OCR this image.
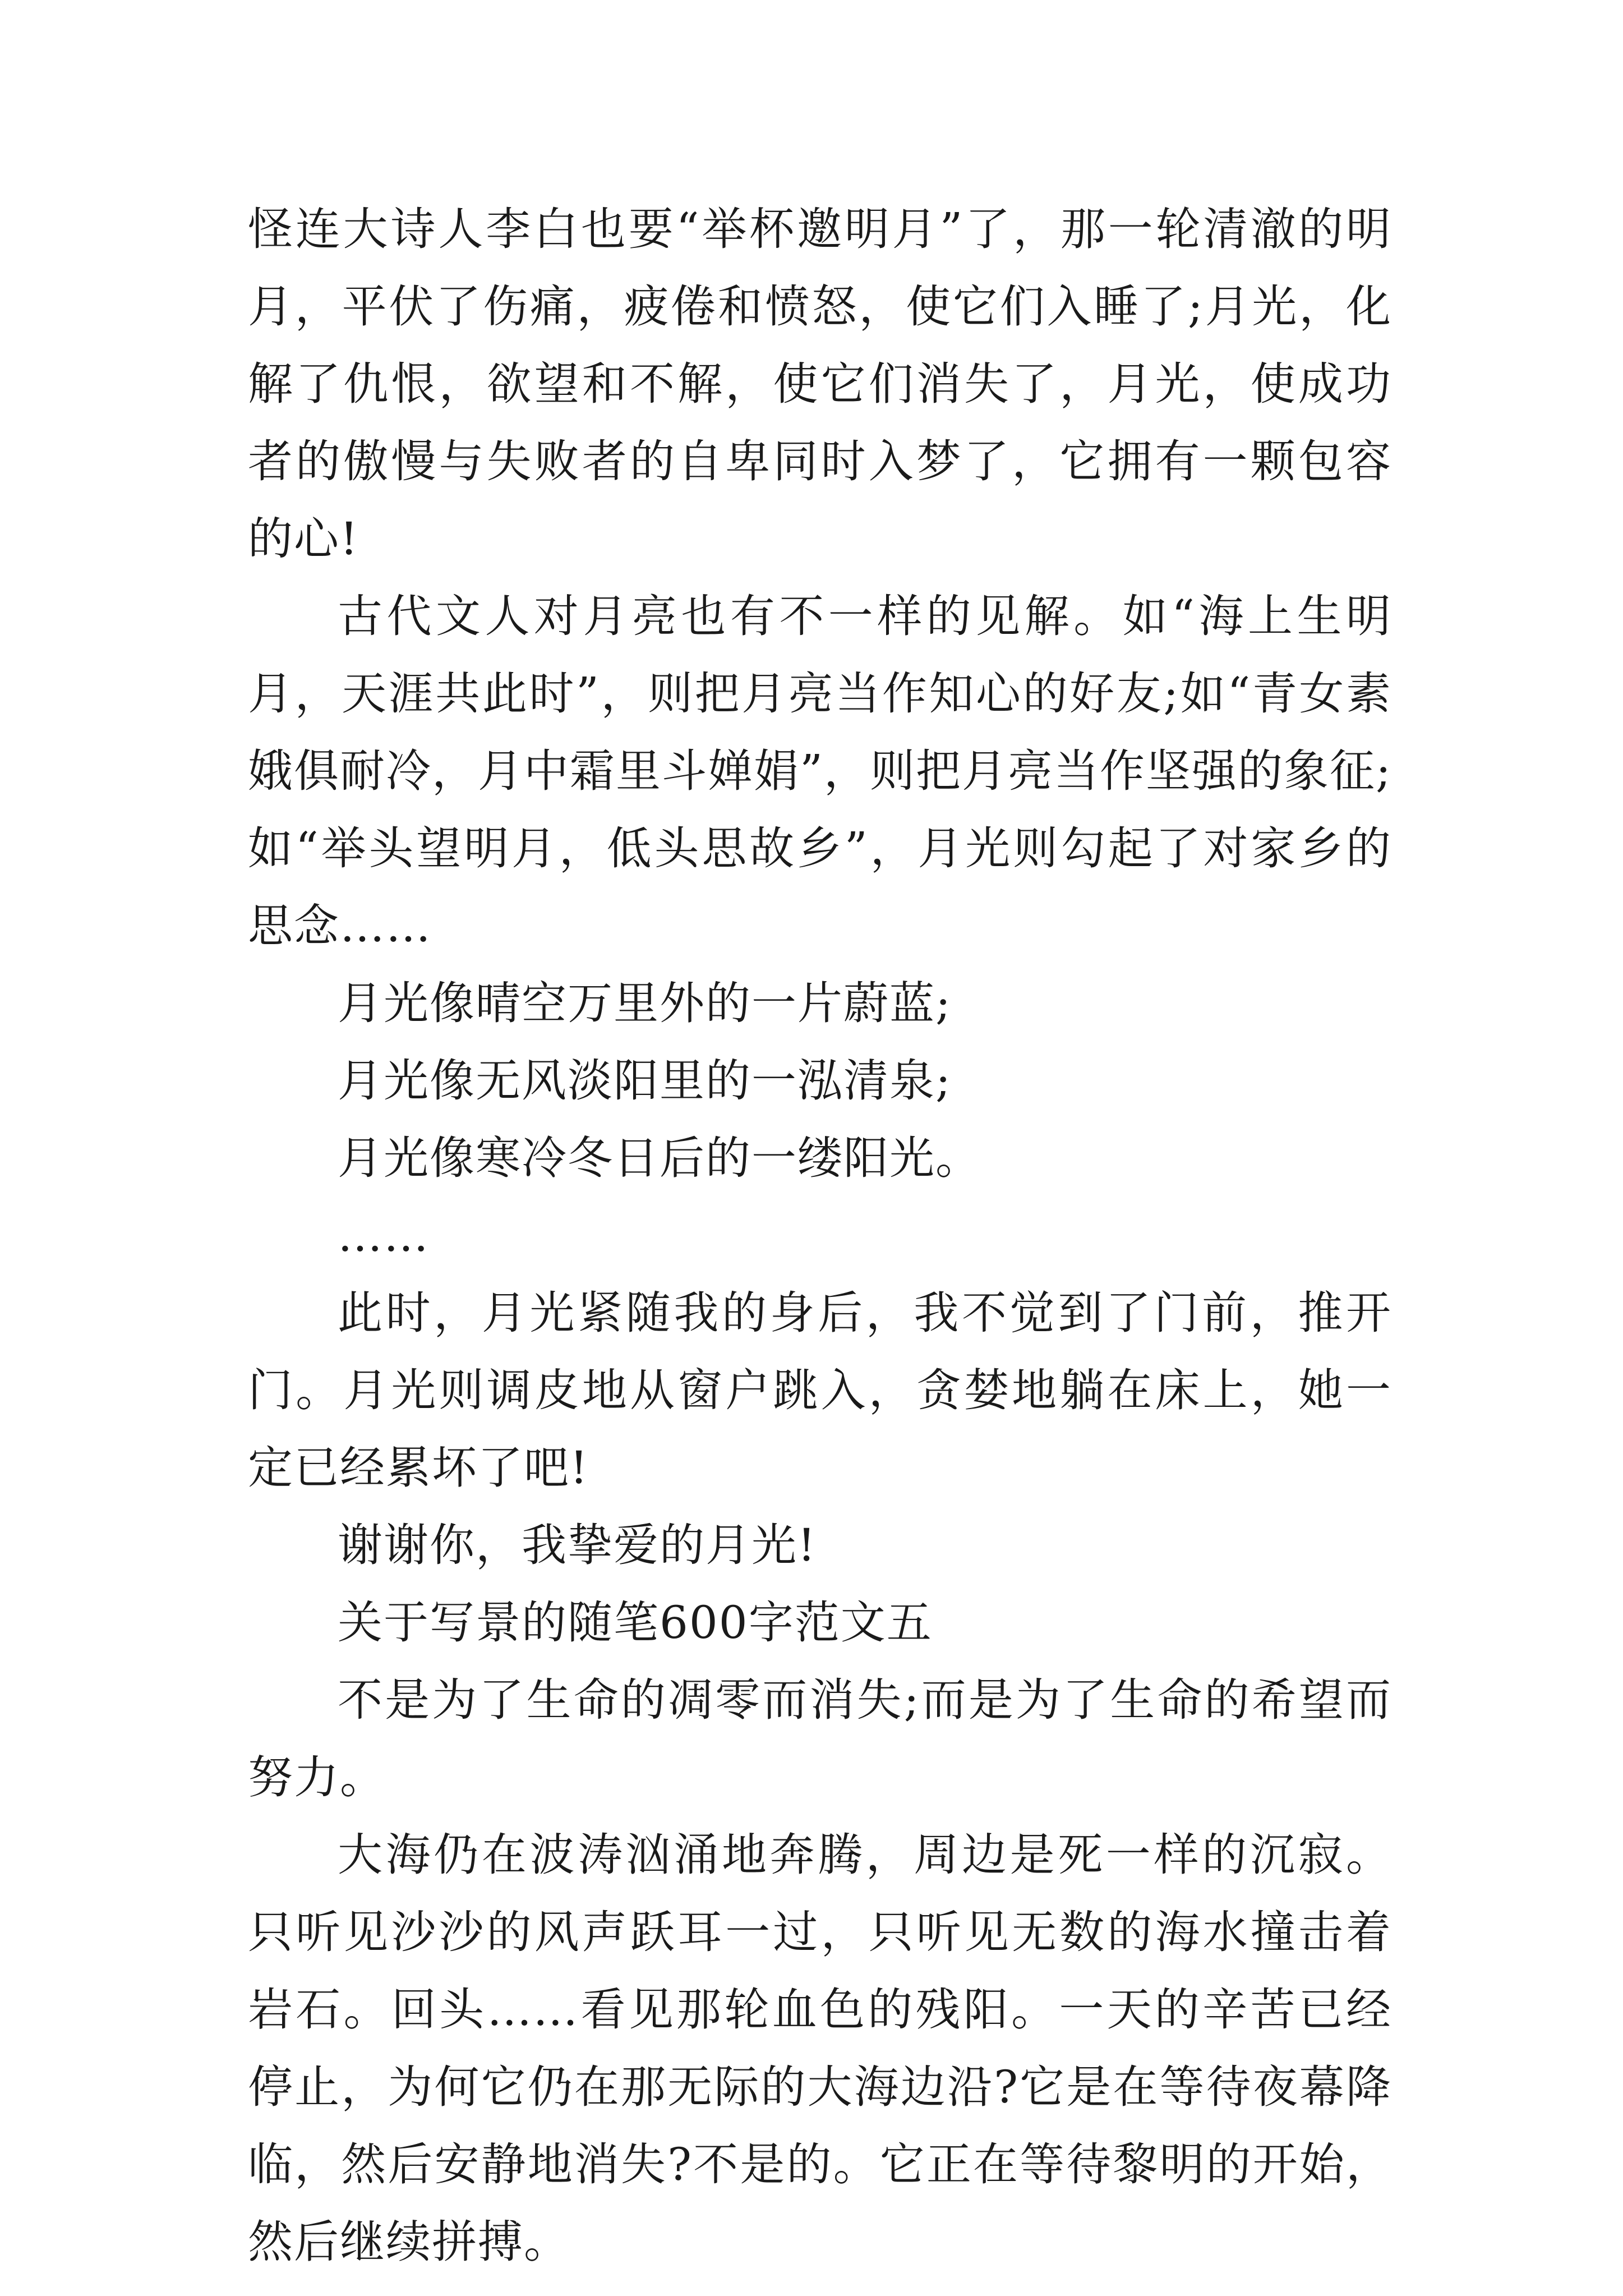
怪连大诗人李白也要“举杯邀明月”了，那一轮清澈的明月，平伏了伤痛，疲倦和愤怒，使它们入睡了;月光，化解了仇恨，欲望和不解，使它们消失了，月光，使成功者的傲慢与失败者的自卑同时入梦了，它拥有一颗包容的心!

古代文人对月亮也有不一样的见解。如“海上生明月，天涯共此时”，则把月亮当作知心的好友;如“青女素娥俱耐冷，月中霜里斗婵娟”，则把月亮当作坚强的象征;如“举头望明月，低头思故乡”，月光则勾起了对家乡的思念……

月光像晴空万里外的一片蔚蓝;

月光像无风淡阳里的一泓清泉;

月光像寒冷冬日后的一缕阳光。

……

此时，月光紧随我的身后，我不觉到了门前，推开门。月光则调皮地从窗户跳入，贪婪地躺在床上，她一定已经累坏了吧!

谢谢你，我挚爱的月光!

关于写景的随笔600字范文五

不是为了生命的凋零而消失;而是为了生命的希望而努力。

大海仍在波涛汹涌地奔腾，周边是死一样的沉寂。只听见沙沙的风声跃耳一过，只听见无数的海水撞击着岩石。回头……看见那轮血色的残阳。一天的辛苦已经停止，为何它仍在那无际的大海边沿?它是在等待夜幕降临，然后安静地消失?不是的。它正在等待黎明的开始，然后继续拼搏。
